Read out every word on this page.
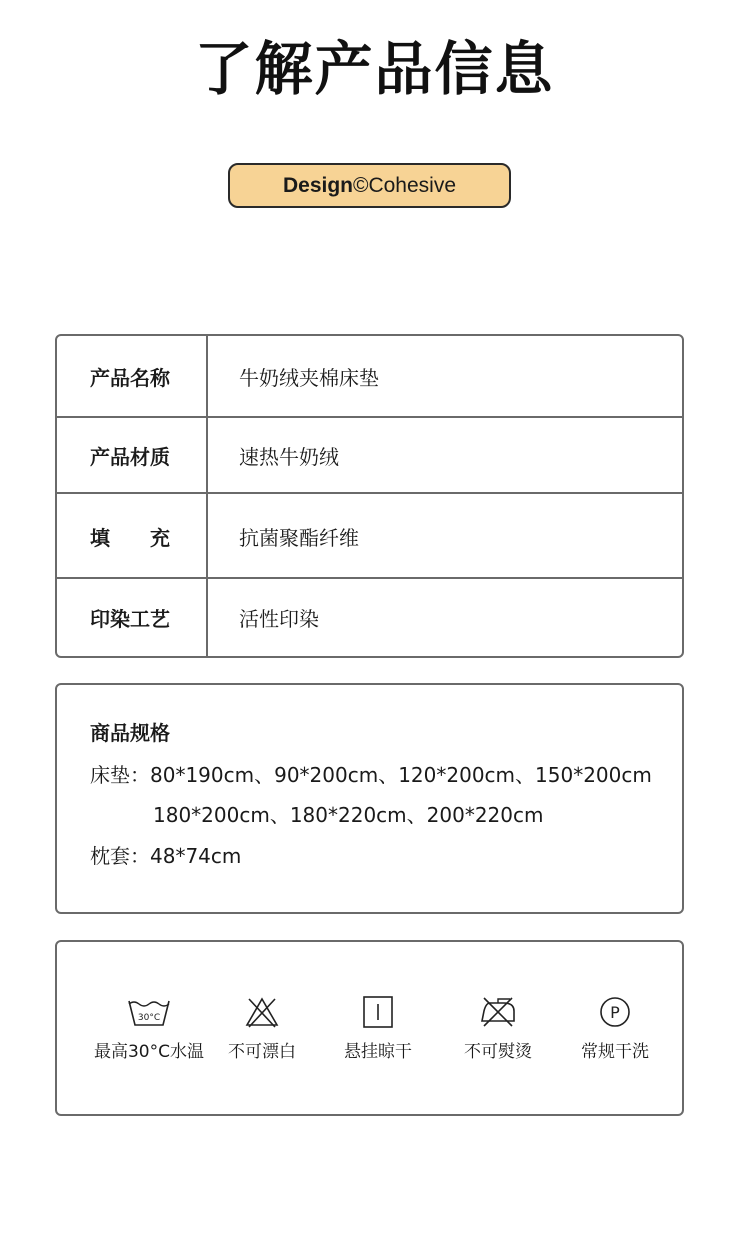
了解产品信息
Design ©Cohesive
产品名称	牛奶绒夹棉床垫
产品材质	速热牛奶绒
填　　充	抗菌聚酯纤维
印染工艺	活性印染
商品规格
床垫：80*190cm、90*200cm、120*200cm、150*200cm
180*200cm、180*220cm、200*220cm
枕套：48*74cm
30°C
最高30°C水温	不可漂白	悬挂晾干	不可熨烫
P
常规干洗
